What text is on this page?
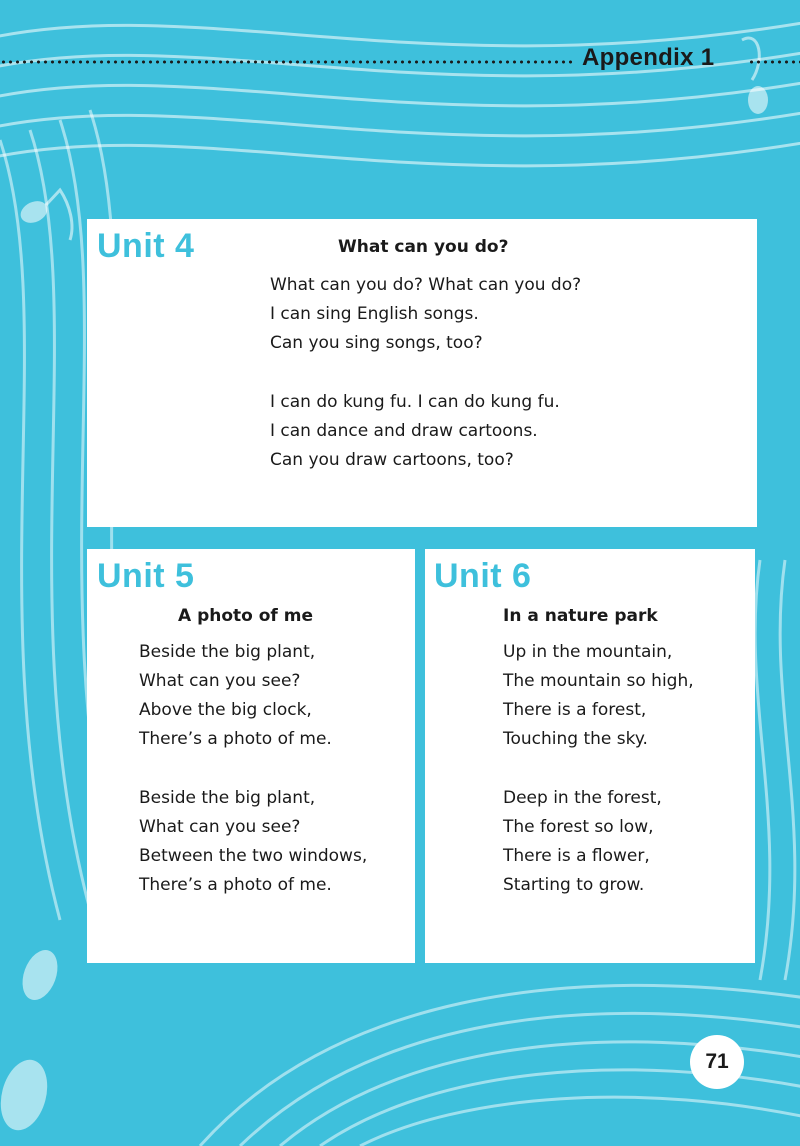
Appendix 1
Unit 4	What can you do?
What can you do? What can you do?
I can sing English songs.
Can you sing songs, too?
I can do kung fu. I can do kung fu.
I can dance and draw cartoons.
Can you draw cartoons, too?
Unit 5
A photo of me
Beside the big plant,
What can you see?
Above the big clock,
There’s a photo of me.
Beside the big plant,
What can you see?
Between the two windows,
There’s a photo of me.
Unit 6
In a nature park
Up in the mountain,
The mountain so high,
There is a forest,
Touching the sky.
Deep in the forest,
The forest so low,
There is a flower,
Starting to grow.
71
